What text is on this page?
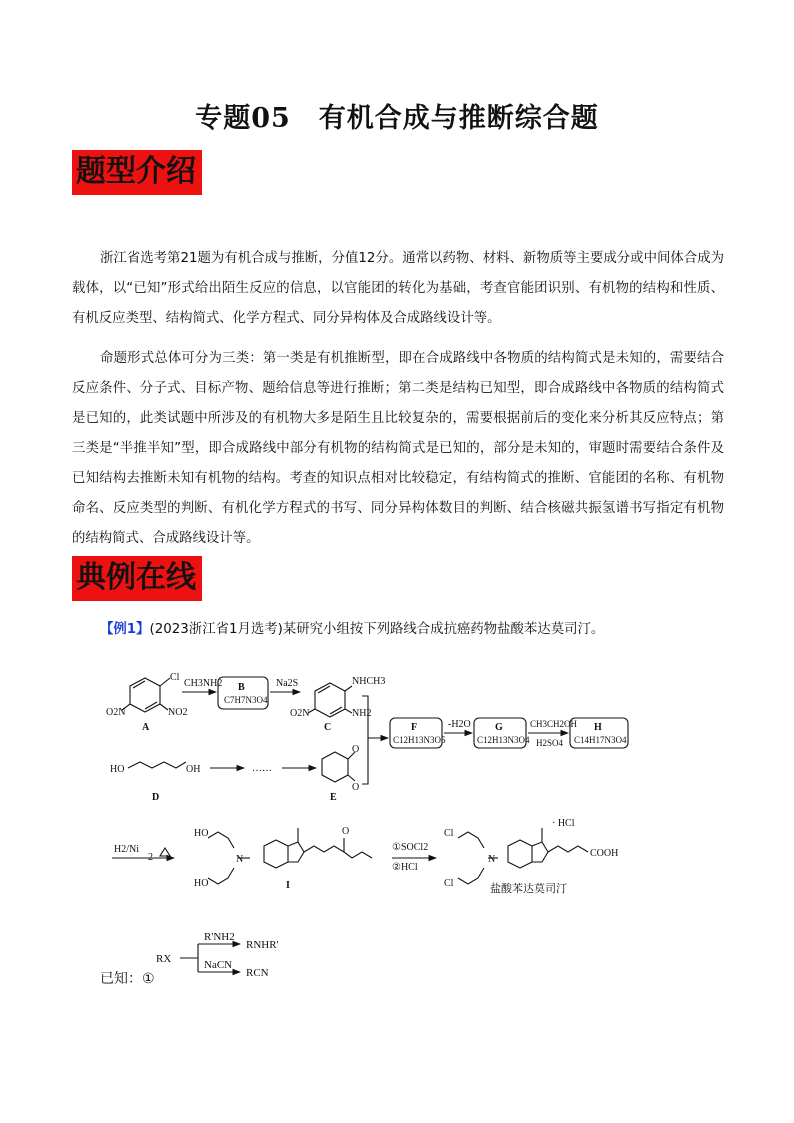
专题05　有机合成与推断综合题
题型介绍
浙江省选考第21题为有机合成与推断，分值12分。通常以药物、材料、新物质等主要成分或中间体合成为载体，以“已知”形式给出陌生反应的信息，以官能团的转化为基础，考查官能团识别、有机物的结构和性质、有机反应类型、结构简式、化学方程式、同分异构体及合成路线设计等。
命题形式总体可分为三类：第一类是有机推断型，即在合成路线中各物质的结构简式是未知的，需要结合反应条件、分子式、目标产物、题给信息等进行推断；第二类是结构已知型，即合成路线中各物质的结构简式是已知的，此类试题中所涉及的有机物大多是陌生且比较复杂的，需要根据前后的变化来分析其反应特点；第三类是“半推半知”型，即合成路线中部分有机物的结构简式是已知的，部分是未知的，审题时需要结合条件及已知结构去推断未知有机物的结构。考查的知识点相对比较稳定，有结构简式的推断、官能团的名称、有机物命名、反应类型的判断、有机化学方程式的书写、同分异构体数目的判断、结合核磁共振氢谱书写指定有机物的结构简式、合成路线设计等。
典例在线
【例1】(2023浙江省1月选考)某研究小组按下列路线合成抗癌药物盐酸苯达莫司汀。
Cl
NO2
O2N
A
CH3NH2 B
C7H7N3O4
Na2S	NHCH3
NH2
O2N
C
HO	OH
D
……
O
O
E
F
C12H13N3O5
-H2O G
C12H13N3O4
CH3CH2OH
H2SO4
H
C14H17N3O4
H2/Ni
2
HO
HO
N
O
I
①SOCl2
②HCl
Cl
Cl
N
· HCl
COOH
盐酸苯达莫司汀
RX
R'NH2
RNHR'
NaCN
RCN
已知：①
